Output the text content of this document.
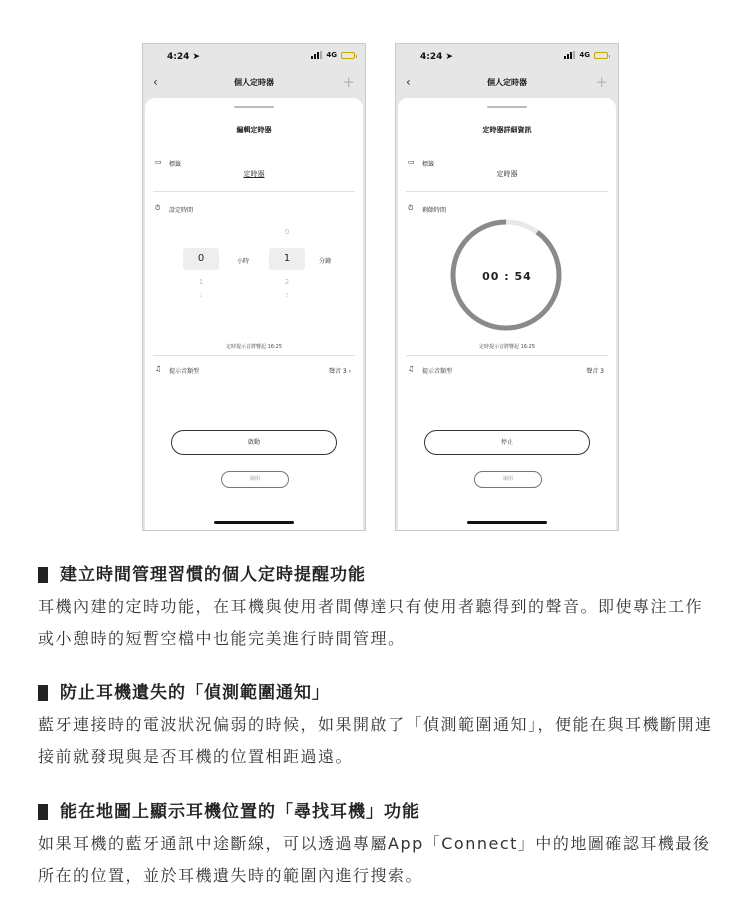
4:24 ➤	4G
‹	個人定時器	+
編輯定時器
▭ 標籤
定時器
⏱ 設定時間
0
0	小時	1	分鐘
1	2
2	3
定時提示音將響起 16:25
♫ 提示音類型	聲音 3 ›
啟動
關閉
4:24 ➤	4G
‹	個人定時器	+
定時器詳細資訊
▭ 標籤
定時器
⏱ 剩餘時間
00 : 54
定時提示音將響起 16:25
♫ 提示音類型	聲音 3
停止
關閉
建立時間管理習慣的個人定時提醒功能
耳機內建的定時功能，在耳機與使用者間傳達只有使用者聽得到的聲音。即使專注工作或小憩時的短暫空檔中也能完美進行時間管理。
防止耳機遺失的「偵測範圍通知」
藍牙連接時的電波狀況偏弱的時候，如果開啟了「偵測範圍通知」，便能在與耳機斷開連接前就發現與是否耳機的位置相距過遠。
能在地圖上顯示耳機位置的「尋找耳機」功能
如果耳機的藍牙通訊中途斷線，可以透過專屬App「Connect」中的地圖確認耳機最後所在的位置，並於耳機遺失時的範圍內進行搜索。
